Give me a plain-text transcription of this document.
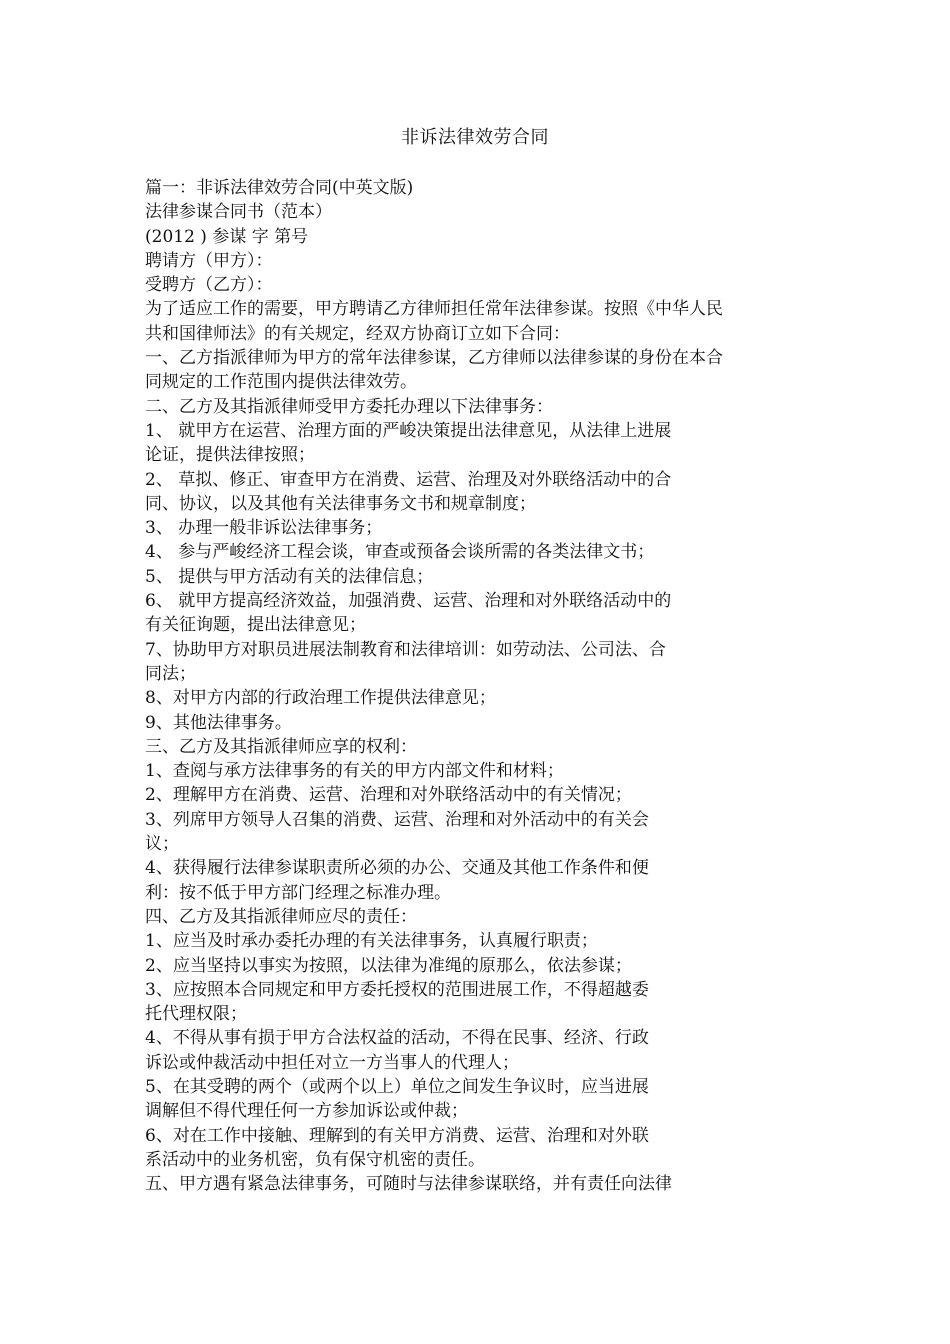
非诉法律效劳合同
篇一：非诉法律效劳合同(中英文版)
法律参谋合同书（范本）
(2012 ) 参谋 字 第号
聘请方（甲方）：
受聘方（乙方）：
为了适应工作的需要，甲方聘请乙方律师担任常年法律参谋。按照《中华人民
共和国律师法》的有关规定，经双方协商订立如下合同：
一、乙方指派律师为甲方的常年法律参谋，乙方律师以法律参谋的身份在本合
同规定的工作范围内提供法律效劳。
二、乙方及其指派律师受甲方委托办理以下法律事务：
1、 就甲方在运营、治理方面的严峻决策提出法律意见，从法律上进展
论证，提供法律按照；
2、 草拟、修正、审查甲方在消费、运营、治理及对外联络活动中的合
同、协议，以及其他有关法律事务文书和规章制度；
3、 办理一般非诉讼法律事务；
4、 参与严峻经济工程会谈，审查或预备会谈所需的各类法律文书；
5、 提供与甲方活动有关的法律信息；
6、 就甲方提高经济效益，加强消费、运营、治理和对外联络活动中的
有关征询题，提出法律意见；
7、协助甲方对职员进展法制教育和法律培训：如劳动法、公司法、合
同法；
8、对甲方内部的行政治理工作提供法律意见；
9、其他法律事务。
三、乙方及其指派律师应享的权利：
1、查阅与承方法律事务的有关的甲方内部文件和材料；
2、理解甲方在消费、运营、治理和对外联络活动中的有关情况；
3、列席甲方领导人召集的消费、运营、治理和对外活动中的有关会
议；
4、获得履行法律参谋职责所必须的办公、交通及其他工作条件和便
利：按不低于甲方部门经理之标准办理。
四、乙方及其指派律师应尽的责任：
1、应当及时承办委托办理的有关法律事务，认真履行职责；
2、应当坚持以事实为按照，以法律为准绳的原那么，依法参谋；
3、应按照本合同规定和甲方委托授权的范围进展工作，不得超越委
托代理权限；
4、不得从事有损于甲方合法权益的活动，不得在民事、经济、行政
诉讼或仲裁活动中担任对立一方当事人的代理人；
5、在其受聘的两个（或两个以上）单位之间发生争议时，应当进展
调解但不得代理任何一方参加诉讼或仲裁；
6、对在工作中接触、理解到的有关甲方消费、运营、治理和对外联
系活动中的业务机密，负有保守机密的责任。
五、甲方遇有紧急法律事务，可随时与法律参谋联络，并有责任向法律
